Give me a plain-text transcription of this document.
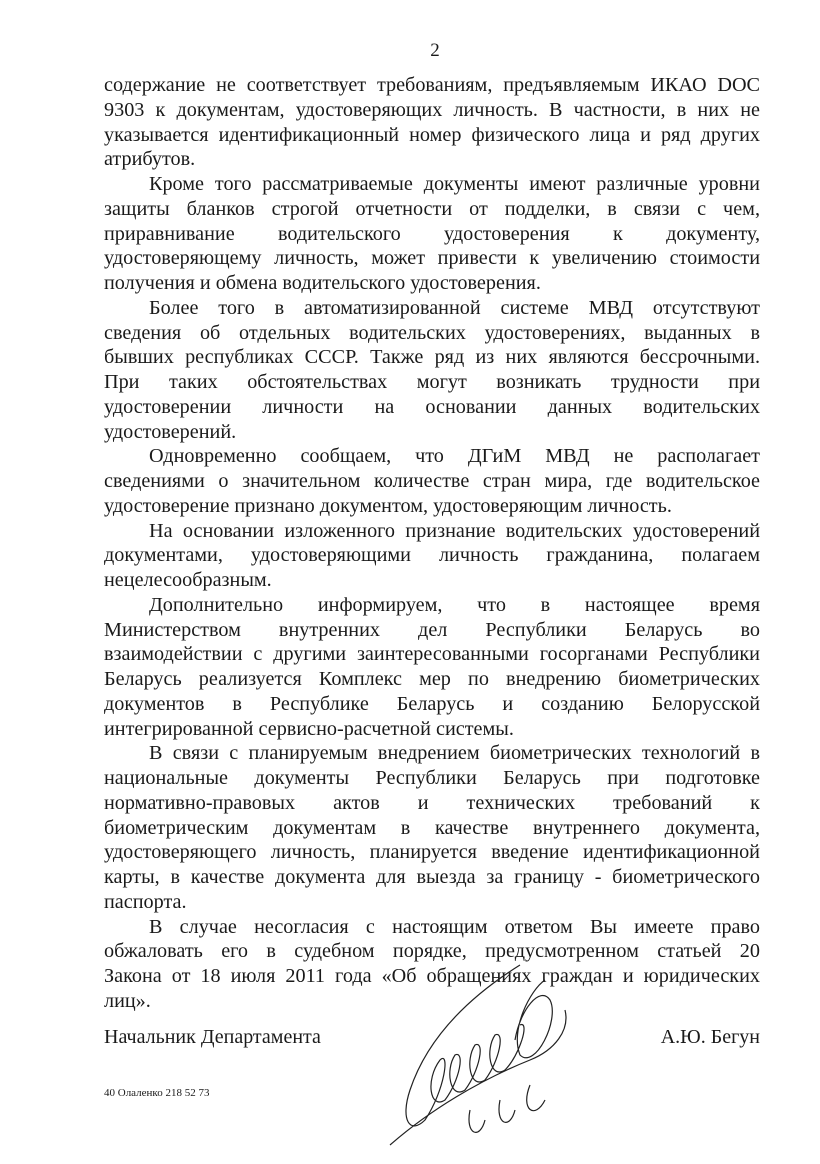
2
содержание не соответствует требованиям, предъявляемым ИКАО DOC
9303 к документам, удостоверяющих личность. В частности, в них не
указывается идентификационный номер физического лица и ряд других
атрибутов.
Кроме того рассматриваемые документы имеют различные уровни
защиты бланков строгой отчетности от подделки, в связи с чем,
приравнивание водительского удостоверения к документу,
удостоверяющему личность, может привести к увеличению стоимости
получения и обмена водительского удостоверения.
Более того в автоматизированной системе МВД отсутствуют
сведения об отдельных водительских удостоверениях, выданных в
бывших республиках СССР. Также ряд из них являются бессрочными.
При таких обстоятельствах могут возникать трудности при
удостоверении личности на основании данных водительских
удостоверений.
Одновременно сообщаем, что ДГиМ МВД не располагает
сведениями о значительном количестве стран мира, где водительское
удостоверение признано документом, удостоверяющим личность.
На основании изложенного признание водительских удостоверений
документами, удостоверяющими личность гражданина, полагаем
нецелесообразным.
Дополнительно информируем, что в настоящее время
Министерством внутренних дел Республики Беларусь во
взаимодействии с другими заинтересованными госорганами Республики
Беларусь реализуется Комплекс мер по внедрению биометрических
документов в Республике Беларусь и созданию Белорусской
интегрированной сервисно-расчетной системы.
В связи с планируемым внедрением биометрических технологий в
национальные документы Республики Беларусь при подготовке
нормативно-правовых актов и технических требований к
биометрическим документам в качестве внутреннего документа,
удостоверяющего личность, планируется введение идентификационной
карты, в качестве документа для выезда за границу - биометрического
паспорта.
В случае несогласия с настоящим ответом Вы имеете право
обжаловать его в судебном порядке, предусмотренном статьей 20
Закона от 18 июля 2011 года «Об обращениях граждан и юридических
лиц».
Начальник Департамента	А.Ю. Бегун
40 Олаленко 218 52 73
